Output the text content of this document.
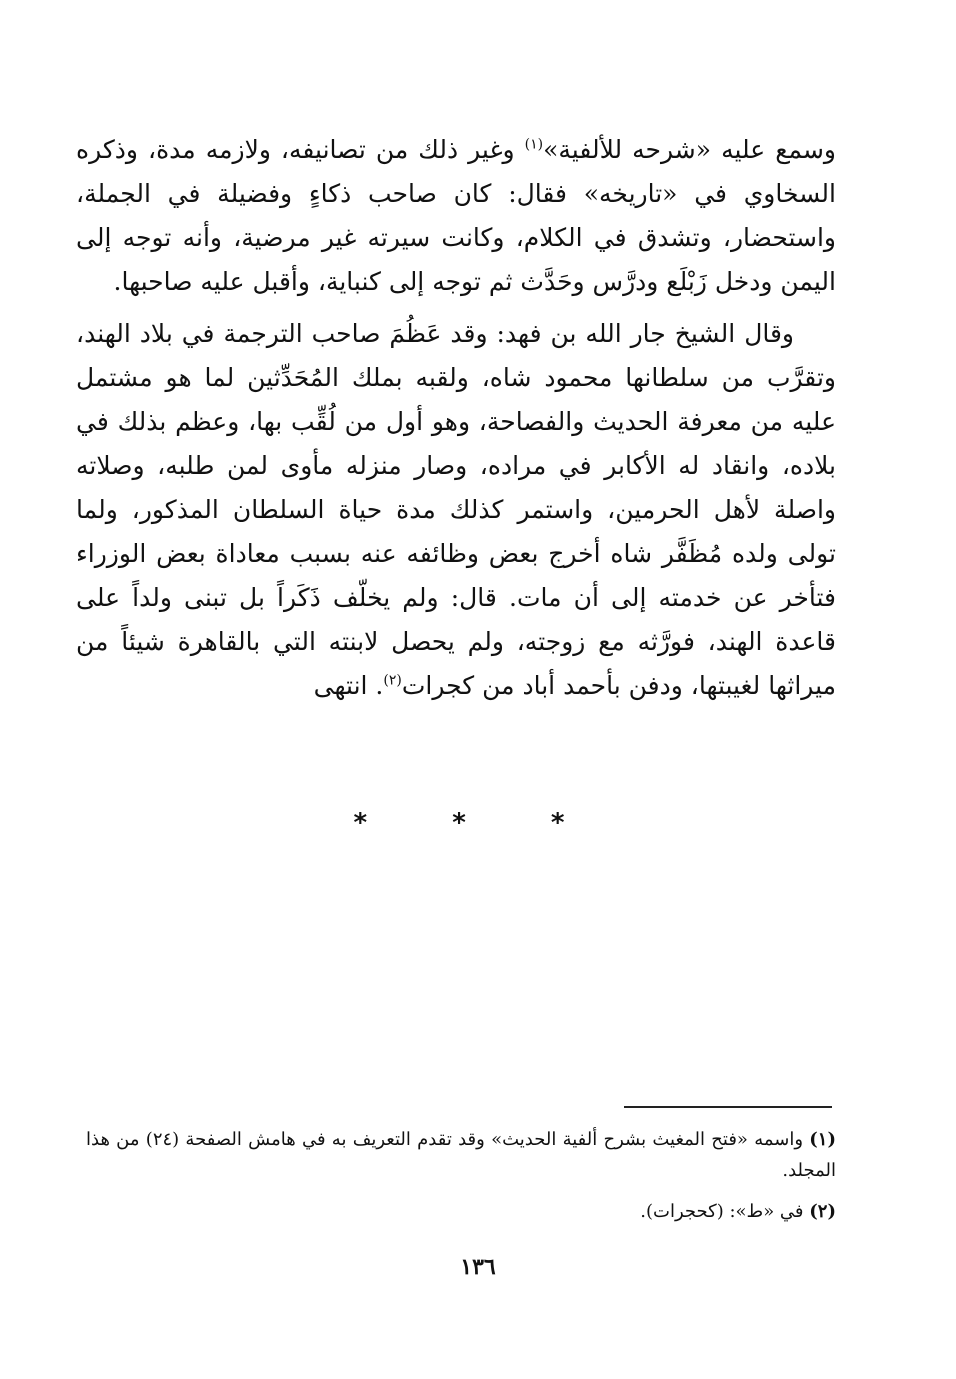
وسمع عليه «شرحه للألفية»$^{(١)}$ وغير ذلك من تصانيفه، ولازمه مدة، وذكره السخاوي في «تاريخه» فقال: كان صاحب ذكاءٍ وفضيلة في الجملة، واستحضار، وتشدق في الكلام، وكانت سيرته غير مرضية، وأنه توجه إلى اليمن ودخل زَبْلَع ودرَّس وحَدَّث ثم توجه إلى كنباية، وأقبل عليه صاحبها.

وقال الشيخ جار الله بن فهد: وقد عَظُمَ صاحب الترجمة في بلاد الهند، وتقرَّب من سلطانها محمود شاه، ولقبه بملك المُحَدِّثين لما هو مشتمل عليه من معرفة الحديث والفصاحة، وهو أول من لُقِّب بها، وعظم بذلك في بلاده، وانقاد له الأكابر في مراده، وصار منزله مأوى لمن طلبه، وصلاته واصلة لأهل الحرمين، واستمر كذلك مدة حياة السلطان المذكور، ولما تولى ولده مُظَفَّر شاه أخرج بعض وظائفه عنه بسبب معاداة بعض الوزراء فتأخر عن خدمته إلى أن مات. قال: ولم يخلّف ذَكَراً بل تبنى ولداً على قاعدة الهند، فورَّثه مع زوجته، ولم يحصل لابنته التي بالقاهرة شيئاً من ميراثها لغيبتها، ودفن بأحمد أباد من كجرات$^{(٢)}$. انتهى

* * *

(١) واسمه «فتح المغيث بشرح ألفية الحديث» وقد تقدم التعريف به في هامش الصفحة (٢٤) من هذا المجلد.

(٢) في «ط»: (كحجرات).

١٣٦
